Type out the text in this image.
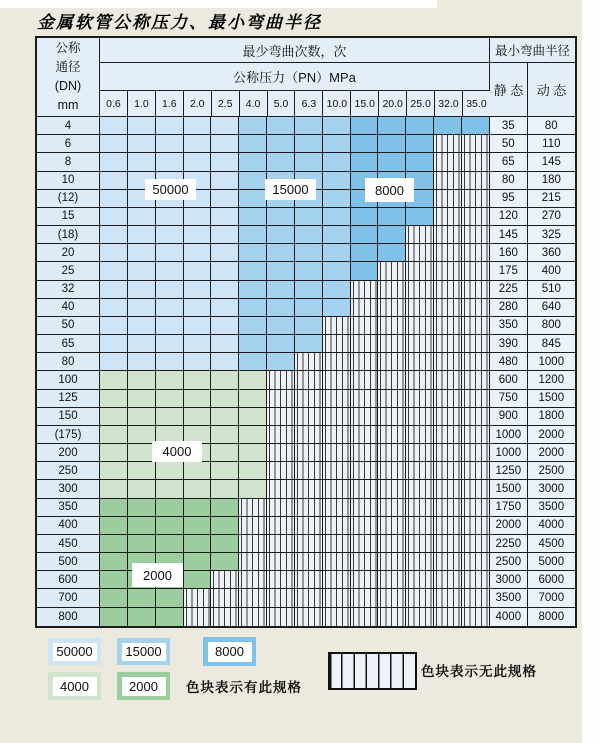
金属软管公称压力、最小弯曲半径
公称
通径
(DN)
mm
最少弯曲次数，次
公称压力（PN）MPa
0.6	1.0	1.6	2.0	2.5	4.0	5.0	6.3 10.0 15.0 20.0 25.0 32.0 35.0
最小弯曲半径
静 态	动 态
4	35	80
6	50	110
8	65	145
10	80	180
(12)	95	215
15	120	270
(18)	145	325
20	160	360
25	175	400
32	225	510
40	280	640
50	350	800
65	390	845
80	480	1000
100	600	1200
125	750	1500
150	900	1800
(175)	1000	2000
200	1000	2000
250	1250	2500
300	1500	3000
350	1750	3500
400	2000	4000
450	2250	4500
500	2500	5000
600	3000	6000
700	3500	7000
800	4000	8000
50000	15000	8000
4000
2000
色块表示有此规格
色块表示无此规格
50000	15000	8000
4000	2000
